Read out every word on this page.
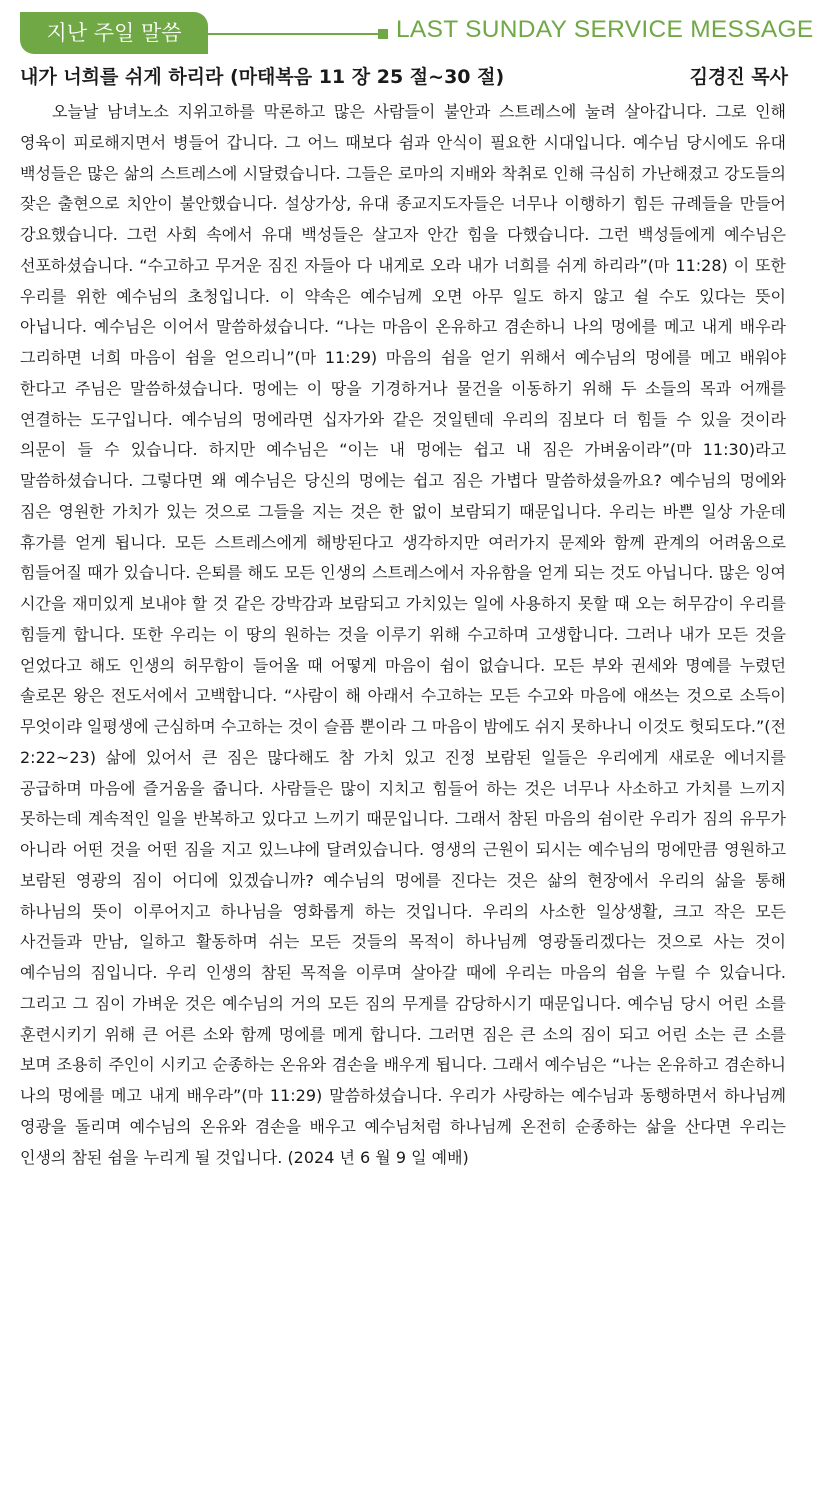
지난 주일 말씀	LAST SUNDAY SERVICE MESSAGE
내가 너희를 쉬게 하리라 (마태복음 11 장 25 절~30 절)	김경진 목사

오늘날 남녀노소 지위고하를 막론하고 많은 사람들이 불안과 스트레스에 눌려 살아갑니다. 그로 인해 영육이 피로해지면서 병들어 갑니다. 그 어느 때보다 쉼과 안식이 필요한 시대입니다. 예수님 당시에도 유대 백성들은 많은 삶의 스트레스에 시달렸습니다. 그들은 로마의 지배와 착취로 인해 극심히 가난해졌고 강도들의 잦은 출현으로 치안이 불안했습니다. 설상가상, 유대 종교지도자들은 너무나 이행하기 힘든 규례들을 만들어 강요했습니다. 그런 사회 속에서 유대 백성들은 살고자 안간 힘을 다했습니다. 그런 백성들에게 예수님은 선포하셨습니다. “수고하고 무거운 짐진 자들아 다 내게로 오라 내가 너희를 쉬게 하리라”(마 11:28) 이 또한 우리를 위한 예수님의 초청입니다. 이 약속은 예수님께 오면 아무 일도 하지 않고 쉴 수도 있다는 뜻이 아닙니다. 예수님은 이어서 말씀하셨습니다. “나는 마음이 온유하고 겸손하니 나의 멍에를 메고 내게 배우라 그리하면 너희 마음이 쉼을 얻으리니”(마 11:29) 마음의 쉼을 얻기 위해서 예수님의 멍에를 메고 배워야 한다고 주님은 말씀하셨습니다. 멍에는 이 땅을 기경하거나 물건을 이동하기 위해 두 소들의 목과 어깨를 연결하는 도구입니다. 예수님의 멍에라면 십자가와 같은 것일텐데 우리의 짐보다 더 힘들 수 있을 것이라 의문이 들 수 있습니다. 하지만 예수님은 “이는 내 멍에는 쉽고 내 짐은 가벼움이라”(마 11:30)라고 말씀하셨습니다. 그렇다면 왜 예수님은 당신의 멍에는 쉽고 짐은 가볍다 말씀하셨을까요? 예수님의 멍에와 짐은 영원한 가치가 있는 것으로 그들을 지는 것은 한 없이 보람되기 때문입니다. 우리는 바쁜 일상 가운데 휴가를 얻게 됩니다. 모든 스트레스에게 해방된다고 생각하지만 여러가지 문제와 함께 관계의 어려움으로 힘들어질 때가 있습니다. 은퇴를 해도 모든 인생의 스트레스에서 자유함을 얻게 되는 것도 아닙니다. 많은 잉여 시간을 재미있게 보내야 할 것 같은 강박감과 보람되고 가치있는 일에 사용하지 못할 때 오는 허무감이 우리를 힘들게 합니다. 또한 우리는 이 땅의 원하는 것을 이루기 위해 수고하며 고생합니다. 그러나 내가 모든 것을 얻었다고 해도 인생의 허무함이 들어올 때 어떻게 마음이 쉼이 없습니다. 모든 부와 권세와 명예를 누렸던 솔로몬 왕은 전도서에서 고백합니다. “사람이 해 아래서 수고하는 모든 수고와 마음에 애쓰는 것으로 소득이 무엇이랴 일평생에 근심하며 수고하는 것이 슬픔 뿐이라 그 마음이 밤에도 쉬지 못하나니 이것도 헛되도다.”(전 2:22~23) 삶에 있어서 큰 짐은 많다해도 참 가치 있고 진정 보람된 일들은 우리에게 새로운 에너지를 공급하며 마음에 즐거움을 줍니다. 사람들은 많이 지치고 힘들어 하는 것은 너무나 사소하고 가치를 느끼지 못하는데 계속적인 일을 반복하고 있다고 느끼기 때문입니다. 그래서 참된 마음의 쉼이란 우리가 짐의 유무가 아니라 어떤 것을 어떤 짐을 지고 있느냐에 달려있습니다. 영생의 근원이 되시는 예수님의 멍에만큼 영원하고 보람된 영광의 짐이 어디에 있겠습니까? 예수님의 멍에를 진다는 것은 삶의 현장에서 우리의 삶을 통해 하나님의 뜻이 이루어지고 하나님을 영화롭게 하는 것입니다. 우리의 사소한 일상생활, 크고 작은 모든 사건들과 만남, 일하고 활동하며 쉬는 모든 것들의 목적이 하나님께 영광돌리겠다는 것으로 사는 것이 예수님의 짐입니다. 우리 인생의 참된 목적을 이루며 살아갈 때에 우리는 마음의 쉼을 누릴 수 있습니다. 그리고 그 짐이 가벼운 것은 예수님의 거의 모든 짐의 무게를 감당하시기 때문입니다. 예수님 당시 어린 소를 훈련시키기 위해 큰 어른 소와 함께 멍에를 메게 합니다. 그러면 짐은 큰 소의 짐이 되고 어린 소는 큰 소를 보며 조용히 주인이 시키고 순종하는 온유와 겸손을 배우게 됩니다. 그래서 예수님은 “나는 온유하고 겸손하니 나의 멍에를 메고 내게 배우라”(마 11:29) 말씀하셨습니다. 우리가 사랑하는 예수님과 동행하면서 하나님께 영광을 돌리며 예수님의 온유와 겸손을 배우고 예수님처럼 하나님께 온전히 순종하는 삶을 산다면 우리는 인생의 참된 쉼을 누리게 될 것입니다. (2024 년 6 월 9 일 예배)
